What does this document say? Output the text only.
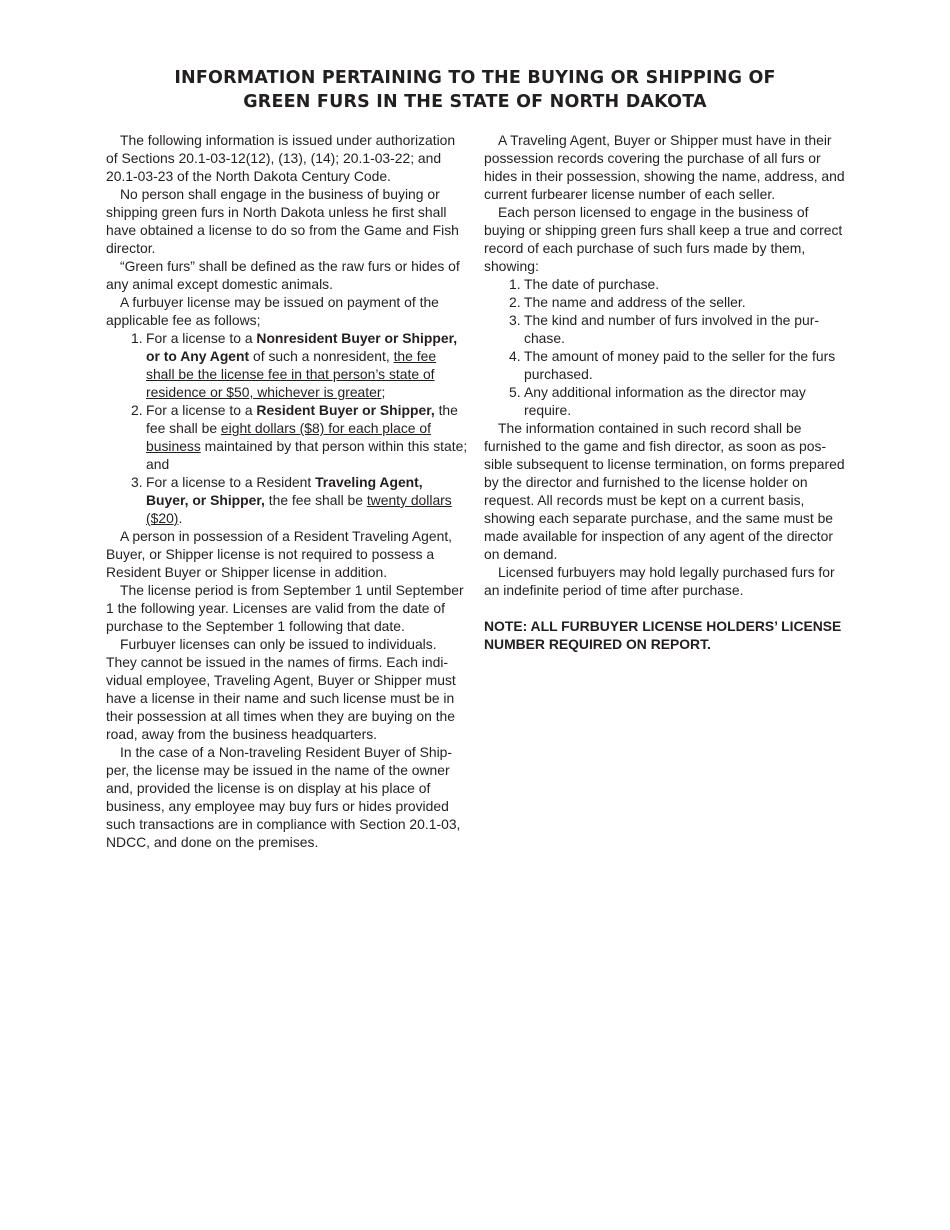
INFORMATION PERTAINING TO THE BUYING OR SHIPPING OF
GREEN FURS IN THE STATE OF NORTH DAKOTA

The following information is issued under authorization of Sections 20.1-03-12(12), (13), (14); 20.1-03-22; and 20.1-03-23 of the North Dakota Century Code.

No person shall engage in the business of buying or shipping green furs in North Dakota unless he first shall have obtained a license to do so from the Game and Fish director.

“Green furs” shall be defined as the raw furs or hides of any animal except domestic animals.

A furbuyer license may be issued on payment of the applicable fee as follows;

1. For a license to a Nonresident Buyer or Shipper, or to Any Agent of such a nonresident, the fee shall be the license fee in that person’s state of residence or $50, whichever is greater;
2. For a license to a Resident Buyer or Shipper, the fee shall be eight dollars ($8) for each place of business maintained by that person within this state; and
3. For a license to a Resident Traveling Agent, Buyer, or Shipper, the fee shall be twenty dollars ($20).

A person in possession of a Resident Traveling Agent, Buyer, or Shipper license is not required to possess a Resident Buyer or Shipper license in addition.

The license period is from September 1 until September 1 the following year. Licenses are valid from the date of purchase to the September 1 following that date.

Furbuyer licenses can only be issued to individuals. They cannot be issued in the names of firms. Each individual employee, Traveling Agent, Buyer or Shipper must have a license in their name and such license must be in their possession at all times when they are buying on the road, away from the business headquarters.

In the case of a Non-traveling Resident Buyer of Shipper, the license may be issued in the name of the owner and, provided the license is on display at his place of business, any employee may buy furs or hides provided such transactions are in compliance with Section 20.1-03, NDCC, and done on the premises.

A Traveling Agent, Buyer or Shipper must have in their possession records covering the purchase of all furs or hides in their possession, showing the name, address, and current furbearer license number of each seller.

Each person licensed to engage in the business of buying or shipping green furs shall keep a true and correct record of each purchase of such furs made by them, showing:

1. The date of purchase.
2. The name and address of the seller.
3. The kind and number of furs involved in the purchase.
4. The amount of money paid to the seller for the furs purchased.
5. Any additional information as the director may require.

The information contained in such record shall be furnished to the game and fish director, as soon as possible subsequent to license termination, on forms prepared by the director and furnished to the license holder on request. All records must be kept on a current basis, showing each separate purchase, and the same must be made available for inspection of any agent of the director on demand.

Licensed furbuyers may hold legally purchased furs for an indefinite period of time after purchase.

NOTE: ALL FURBUYER LICENSE HOLDERS’ LICENSE NUMBER REQUIRED ON REPORT.
